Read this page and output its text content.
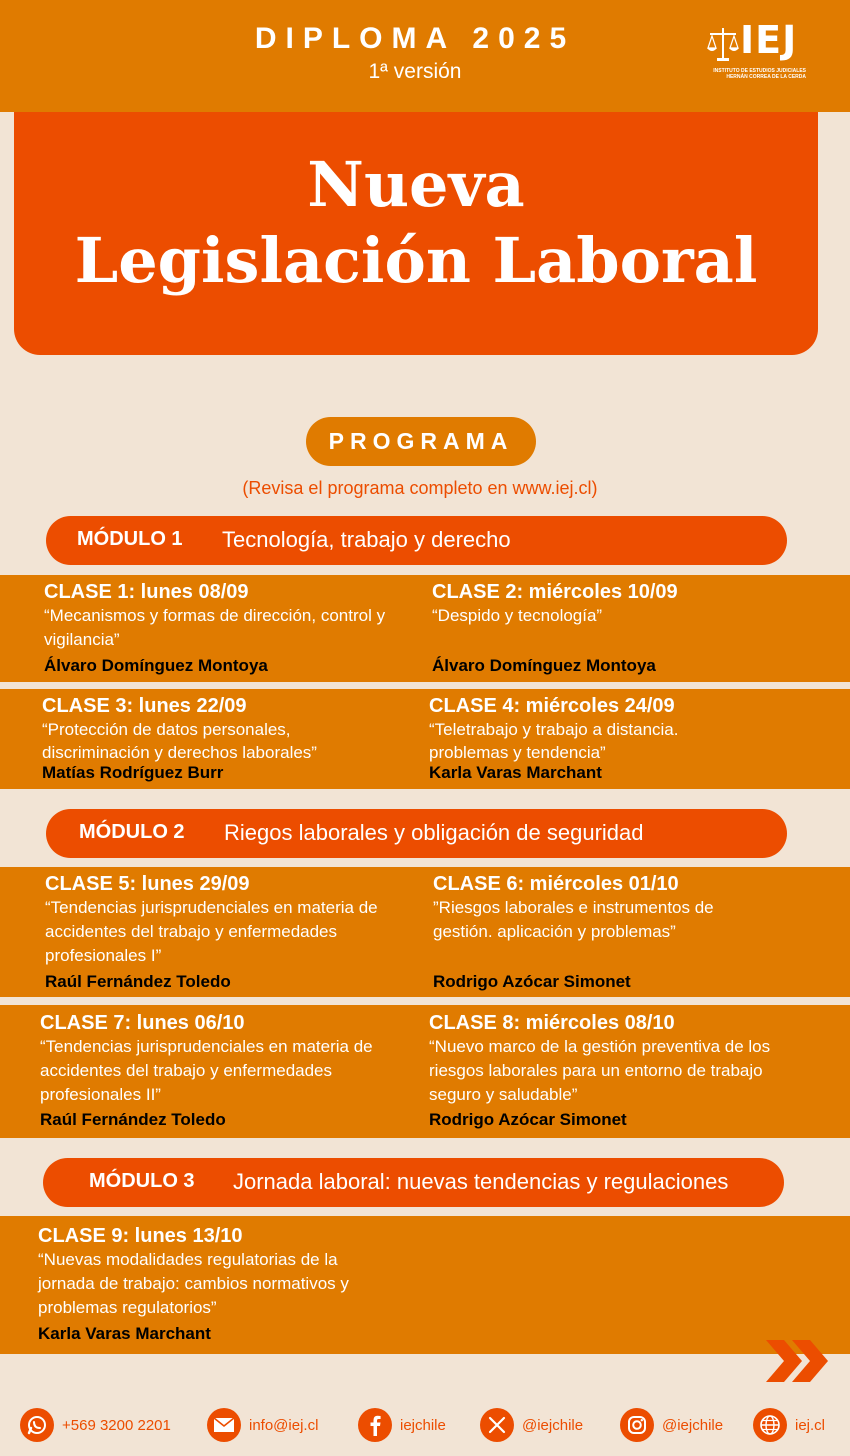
DIPLOMA 2025
1ª versión
IEJ
INSTITUTO DE ESTUDIOS JUDICIALES
HERNÁN CORREA DE LA CERDA
Nueva
Legislación Laboral
PROGRAMA
(Revisa el programa completo en www.iej.cl)
MÓDULO 1 Tecnología, trabajo y derecho
CLASE 1: lunes 08/09
“Mecanismos y formas de dirección, control y vigilancia”
Álvaro Domínguez Montoya
CLASE 2: miércoles 10/09
“Despido y tecnología”
Álvaro Domínguez Montoya
CLASE 3: lunes 22/09
“Protección de datos personales, discriminación y derechos laborales”
Matías Rodríguez Burr
CLASE 4: miércoles 24/09
“Teletrabajo y trabajo a distancia. problemas y tendencia”
Karla Varas Marchant
MÓDULO 2 Riegos laborales y obligación de seguridad
CLASE 5: lunes 29/09
“Tendencias jurisprudenciales en materia de accidentes del trabajo y enfermedades profesionales I”
Raúl Fernández Toledo
CLASE 6: miércoles 01/10
”Riesgos laborales e instrumentos de gestión. aplicación y problemas”
Rodrigo Azócar Simonet
CLASE 7: lunes 06/10
“Tendencias jurisprudenciales en materia de accidentes del trabajo y enfermedades profesionales II”
Raúl Fernández Toledo
CLASE 8: miércoles 08/10
“Nuevo marco de la gestión preventiva de los riesgos laborales para un entorno de trabajo seguro y saludable”
Rodrigo Azócar Simonet
MÓDULO 3 Jornada laboral: nuevas tendencias y regulaciones
CLASE 9: lunes 13/10
“Nuevas modalidades regulatorias de la jornada de trabajo: cambios normativos y problemas regulatorios”
Karla Varas Marchant
+569 3200 2201	info@iej.cl	iejchile	@iejchile	@iejchile	iej.cl
